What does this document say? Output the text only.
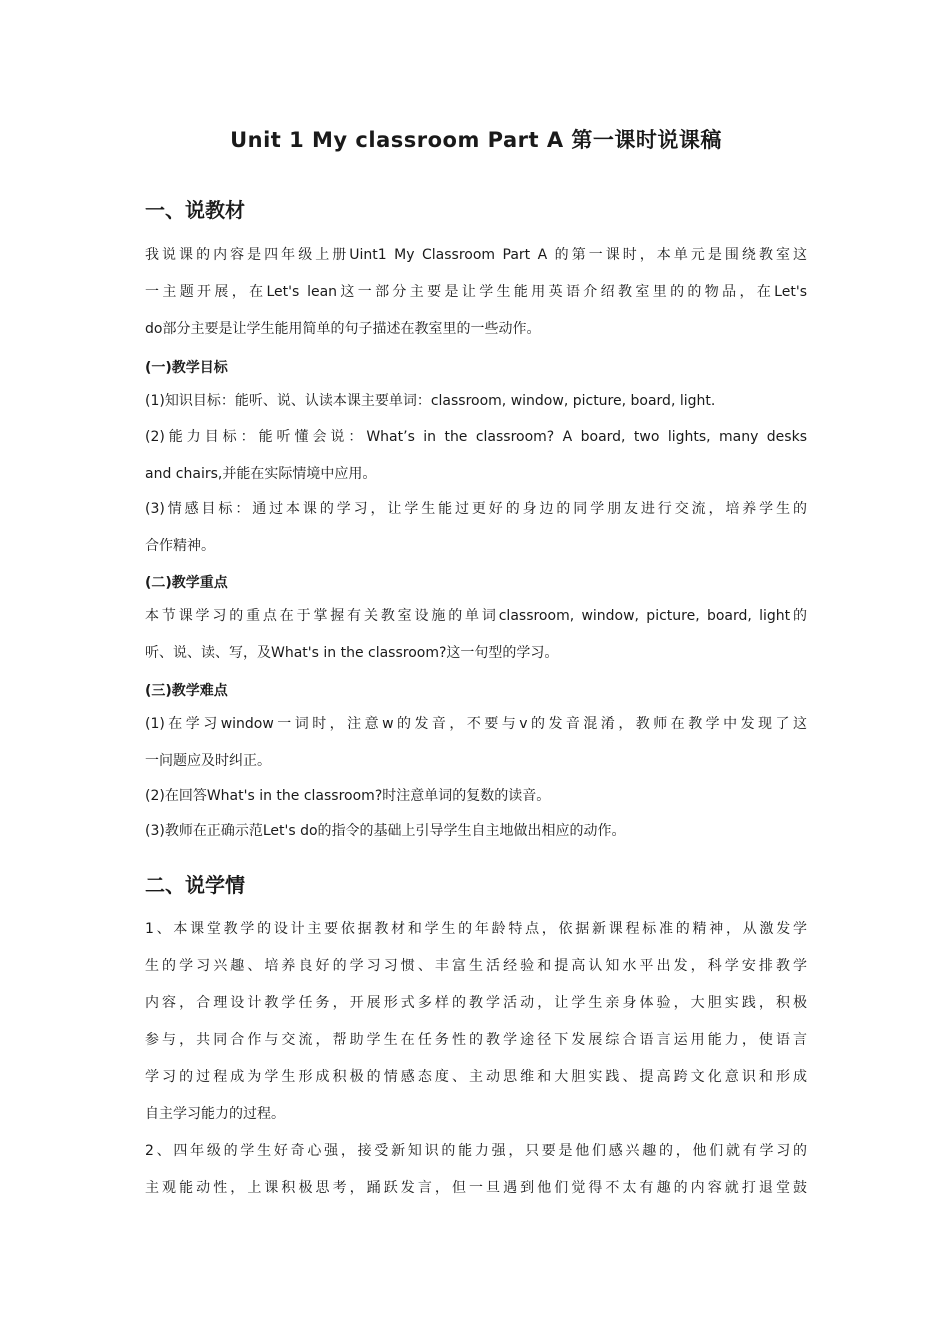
Unit 1 My classroom Part A 第一课时说课稿
一、说教材
我说课的内容是四年级上册Uint1 My Classroom Part A 的第一课时，本单元是围绕教室这
一主题开展，在Let's lean这一部分主要是让学生能用英语介绍教室里的的物品，在Let's
do部分主要是让学生能用简单的句子描述在教室里的一些动作。
(一)教学目标
(1)知识目标：能听、说、认读本课主要单词：classroom, window, picture, board, light.
(2)能力目标：能听懂会说：What’s in the classroom? A board, two lights, many desks
and chairs,并能在实际情境中应用。
(3)情感目标：通过本课的学习，让学生能过更好的身边的同学朋友进行交流，培养学生的
合作精神。
(二)教学重点
本节课学习的重点在于掌握有关教室设施的单词classroom, window, picture, board, light的
听、说、读、写，及What's in the classroom?这一句型的学习。
(三)教学难点
(1)在学习window一词时，注意w的发音，不要与v的发音混淆，教师在教学中发现了这
一问题应及时纠正。
(2)在回答What's in the classroom?时注意单词的复数的读音。
(3)教师在正确示范Let's do的指令的基础上引导学生自主地做出相应的动作。
二、说学情
1、本课堂教学的设计主要依据教材和学生的年龄特点，依据新课程标准的精神，从激发学
生的学习兴趣、培养良好的学习习惯、丰富生活经验和提高认知水平出发，科学安排教学
内容，合理设计教学任务，开展形式多样的教学活动，让学生亲身体验，大胆实践，积极
参与，共同合作与交流，帮助学生在任务性的教学途径下发展综合语言运用能力，使语言
学习的过程成为学生形成积极的情感态度、主动思维和大胆实践、提高跨文化意识和形成
自主学习能力的过程。
2、四年级的学生好奇心强，接受新知识的能力强，只要是他们感兴趣的，他们就有学习的
主观能动性，上课积极思考，踊跃发言，但一旦遇到他们觉得不太有趣的内容就打退堂鼓
